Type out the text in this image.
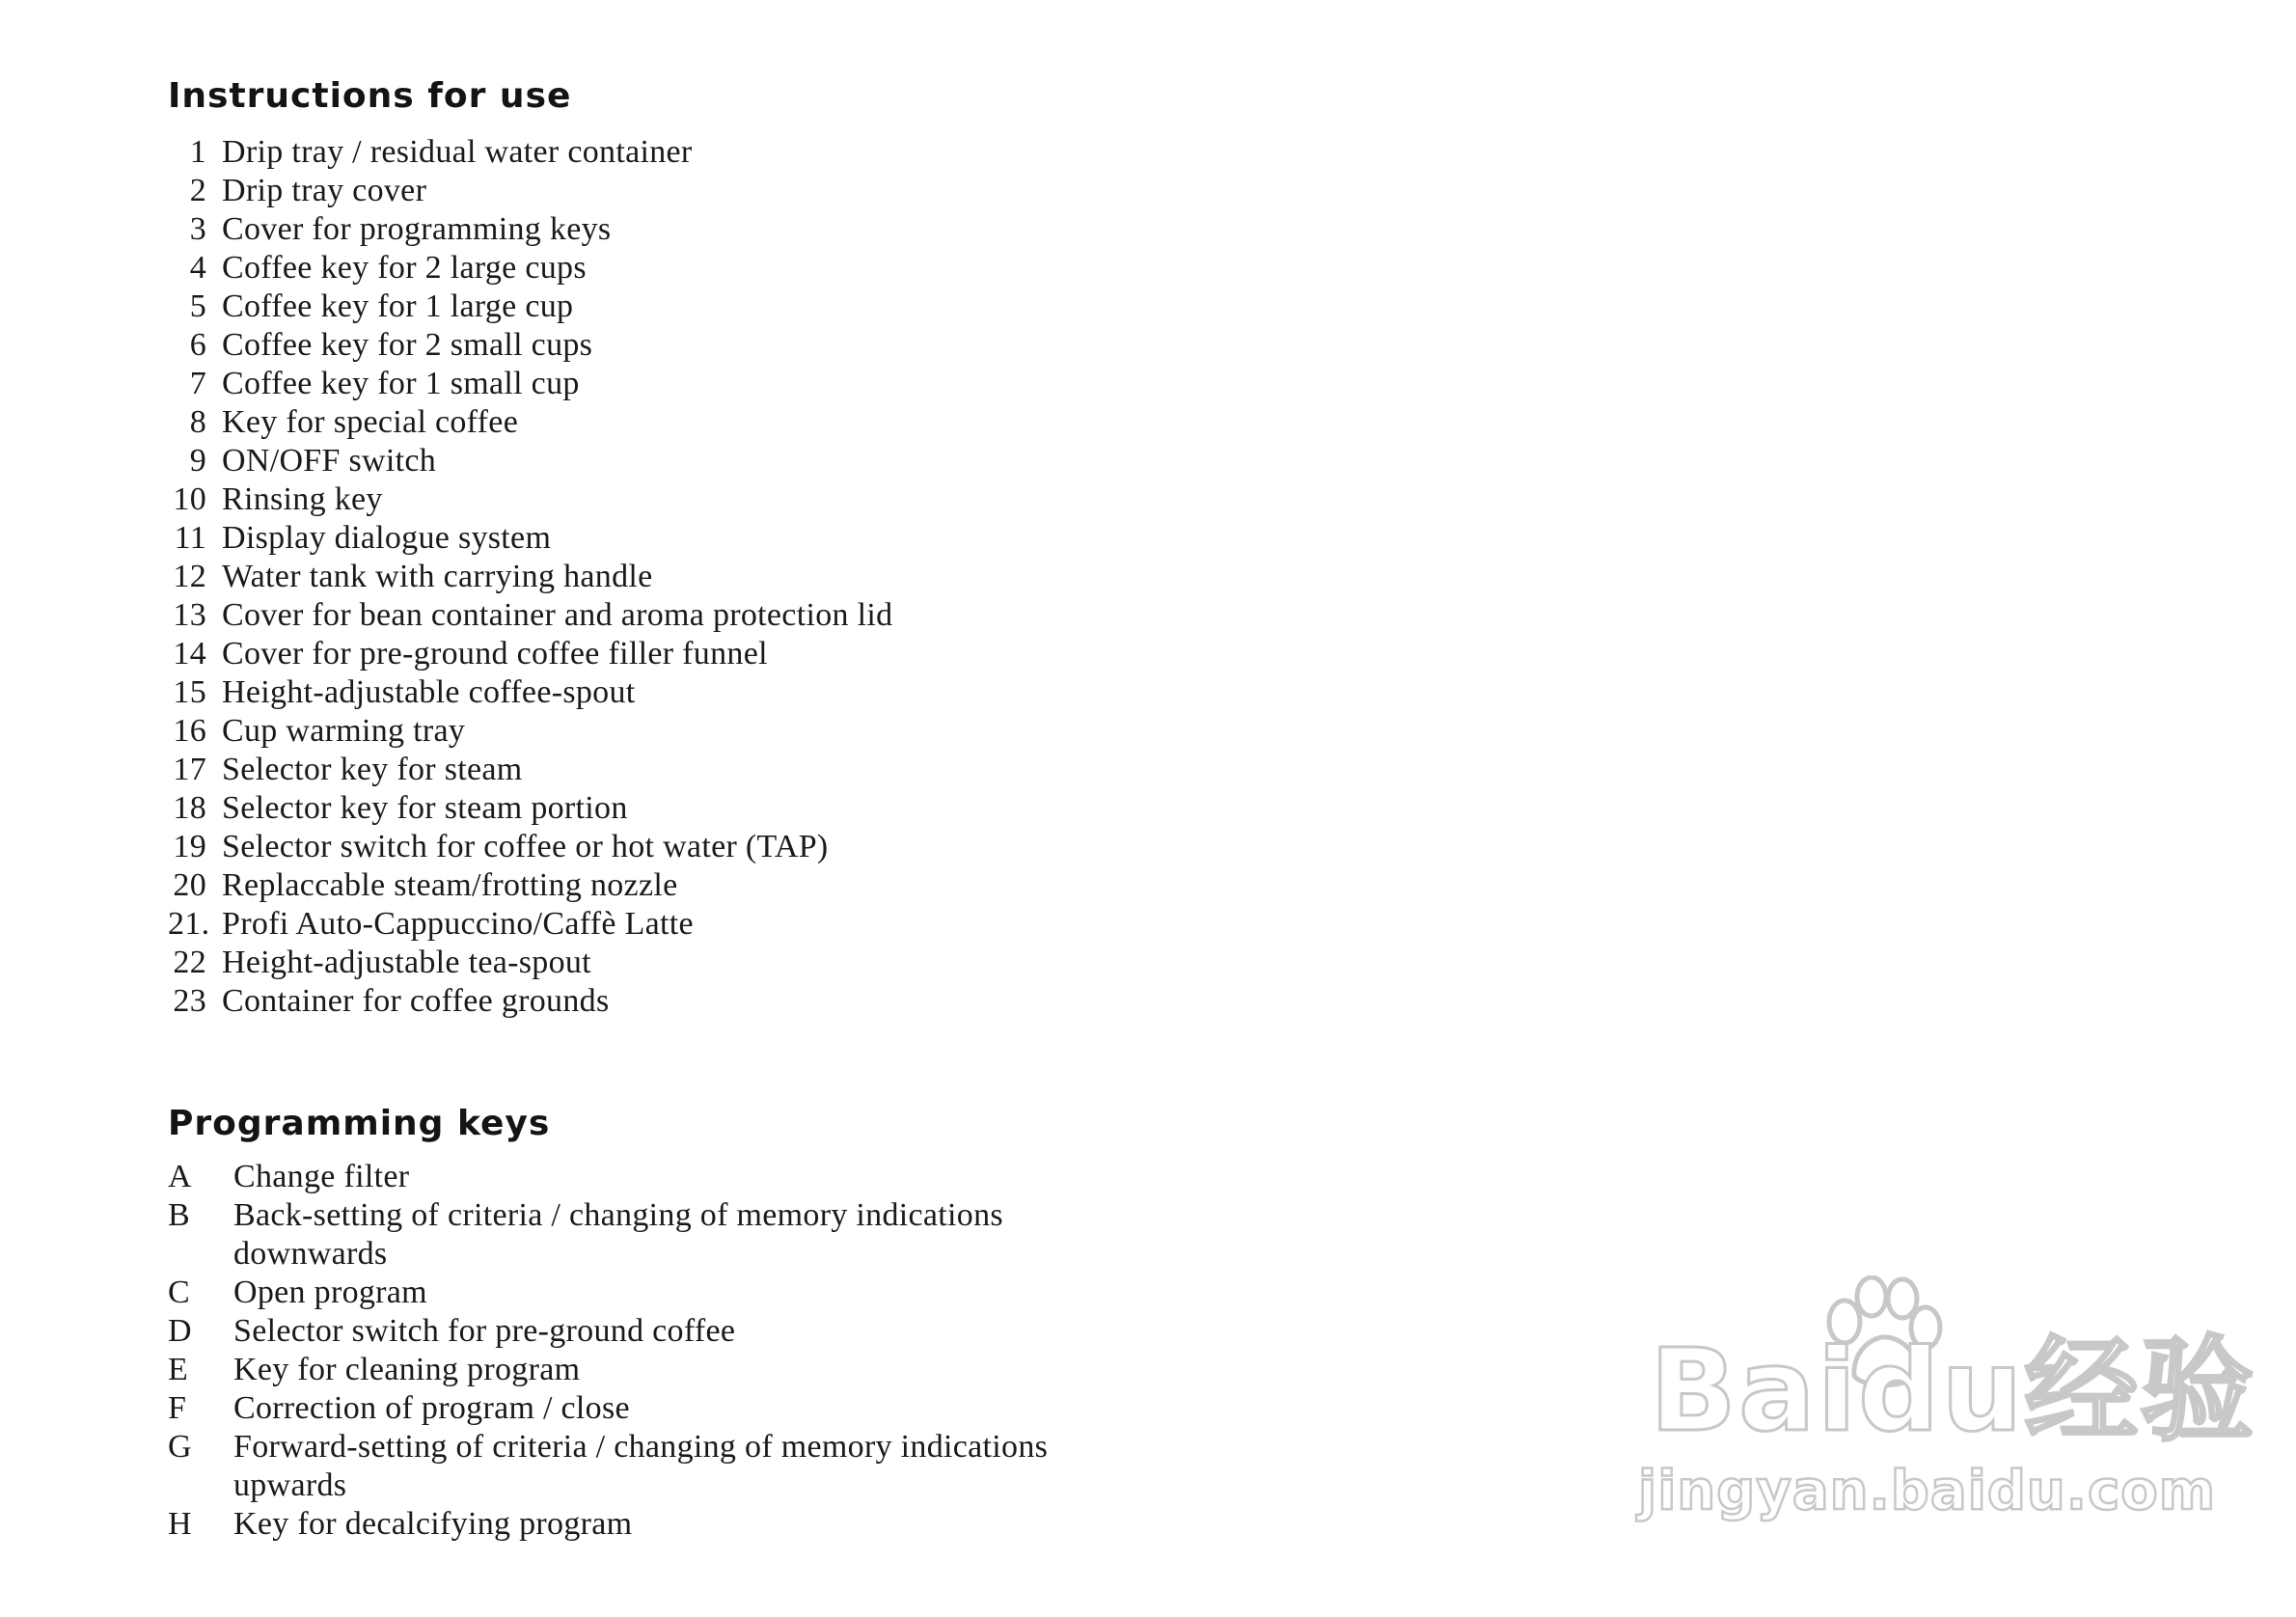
Instructions for use
1 Drip tray / residual water container
2 Drip tray cover
3 Cover for programming keys
4 Coffee key for 2 large cups
5 Coffee key for 1 large cup
6 Coffee key for 2 small cups
7 Coffee key for 1 small cup
8 Key for special coffee
9 ON/OFF switch
10 Rinsing key
11 Display dialogue system
12 Water tank with carrying handle
13 Cover for bean container and aroma protection lid
14 Cover for pre-ground coffee filler funnel
15 Height-adjustable coffee-spout
16 Cup warming tray
17 Selector key for steam
18 Selector key for steam portion
19 Selector switch for coffee or hot water (TAP)
20 Replaccable steam/frotting nozzle
21. Profi Auto-Cappuccino/Caffè Latte
22 Height-adjustable tea-spout
23 Container for coffee grounds
Programming keys
A	Change filter
B	Back-setting of criteria / changing of memory indications downwards
C	Open program
D	Selector switch for pre-ground coffee
E	Key for cleaning program
F	Correction of program / close
G	Forward-setting of criteria / changing of memory indications upwards
H	Key for decalcifying program
Baidu经验
jingyan.baidu.com
